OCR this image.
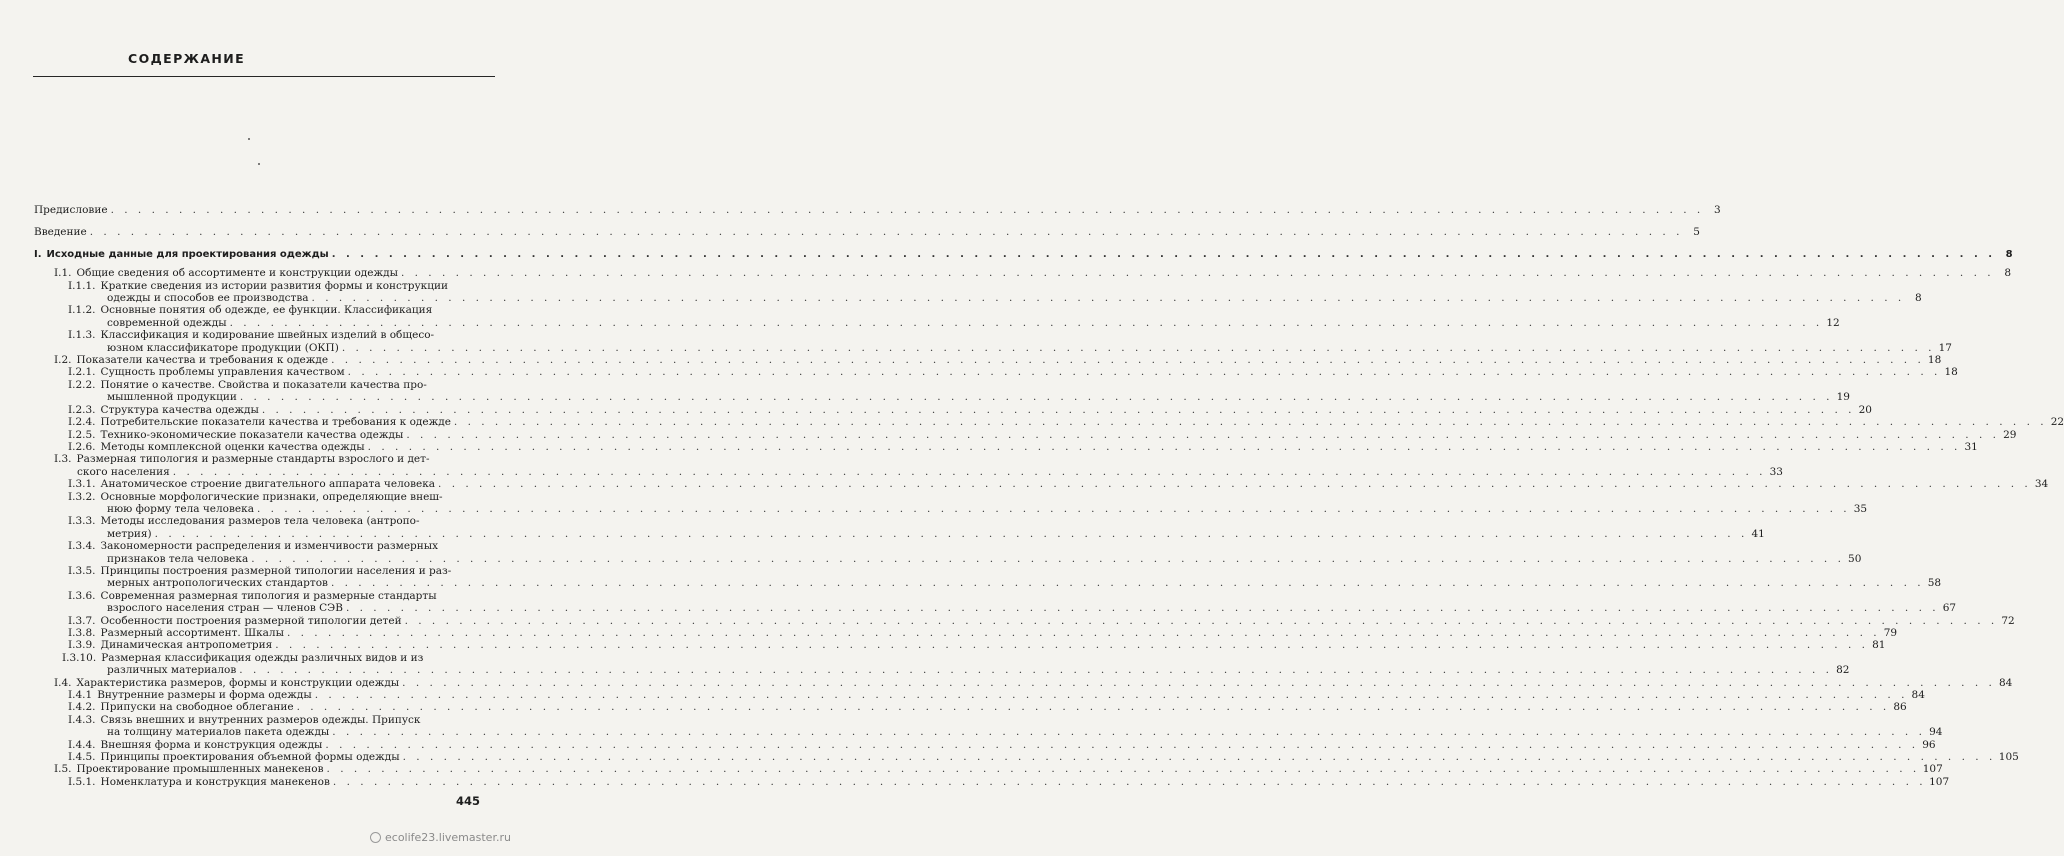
СОДЕРЖАНИЕ
Предисловие . . .	3
Введение . . .	5
I. Исходные данные для проектирования одежды . . .	8
I.1. Общие сведения об ассортименте и конструкции одежды . . .	8
I.1.1. Краткие сведения из истории развития формы и конструкции
одежды и способов ее производства . . .	8
I.1.2. Основные понятия об одежде, ее функции. Классификация
современной одежды . . .	12
I.1.3. Классификация и кодирование швейных изделий в общесо-
юзном классификаторе продукции (ОКП) . . .	17
I.2. Показатели качества и требования к одежде . . .	18
I.2.1. Сущность проблемы управления качеством . . .	18
I.2.2. Понятие о качестве. Свойства и показатели качества про-
мышленной продукции . . .	19
I.2.3. Структура качества одежды . . .	20
I.2.4. Потребительские показатели качества и требования к одежде . . .	22
I.2.5. Технико-экономические показатели качества одежды . . .	29
I.2.6. Методы комплексной оценки качества одежды . . .	31
I.3. Размерная типология и размерные стандарты взрослого и дет-
ского населения . . .	33
I.3.1. Анатомическое строение двигательного аппарата человека . . .	34
I.3.2. Основные морфологические признаки, определяющие внеш-
нюю форму тела человека . . .	35
I.3.3. Методы исследования размеров тела человека (антропо-
метрия) . . .	41
I.3.4. Закономерности распределения и изменчивости размерных
признаков тела человека . . .	50
I.3.5. Принципы построения размерной типологии населения и раз-
мерных антропологических стандартов . . .	58
I.3.6. Современная размерная типология и размерные стандарты
взрослого населения стран — членов СЭВ . . .	67
I.3.7. Особенности построения размерной типологии детей . . .	72
I.3.8. Размерный ассортимент. Шкалы . . .	79
I.3.9. Динамическая антропометрия . . .	81
I.3.10. Размерная классификация одежды различных видов и из
различных материалов . . .	82
I.4. Характеристика размеров, формы и конструкции одежды . . .	84
I.4.1 Внутренние размеры и форма одежды . . .	84
I.4.2. Припуски на свободное облегание . . .	86
I.4.3. Связь внешних и внутренних размеров одежды. Припуск
на толщину материалов пакета одежды . . .	94
I.4.4. Внешняя форма и конструкция одежды . . .	96
I.4.5. Принципы проектирования объемной формы одежды . . .	105
I.5. Проектирование промышленных манекенов . . .	107
I.5.1. Номенклатура и конструкция манекенов . . .	107
445
ecolife23.livemaster.ru
